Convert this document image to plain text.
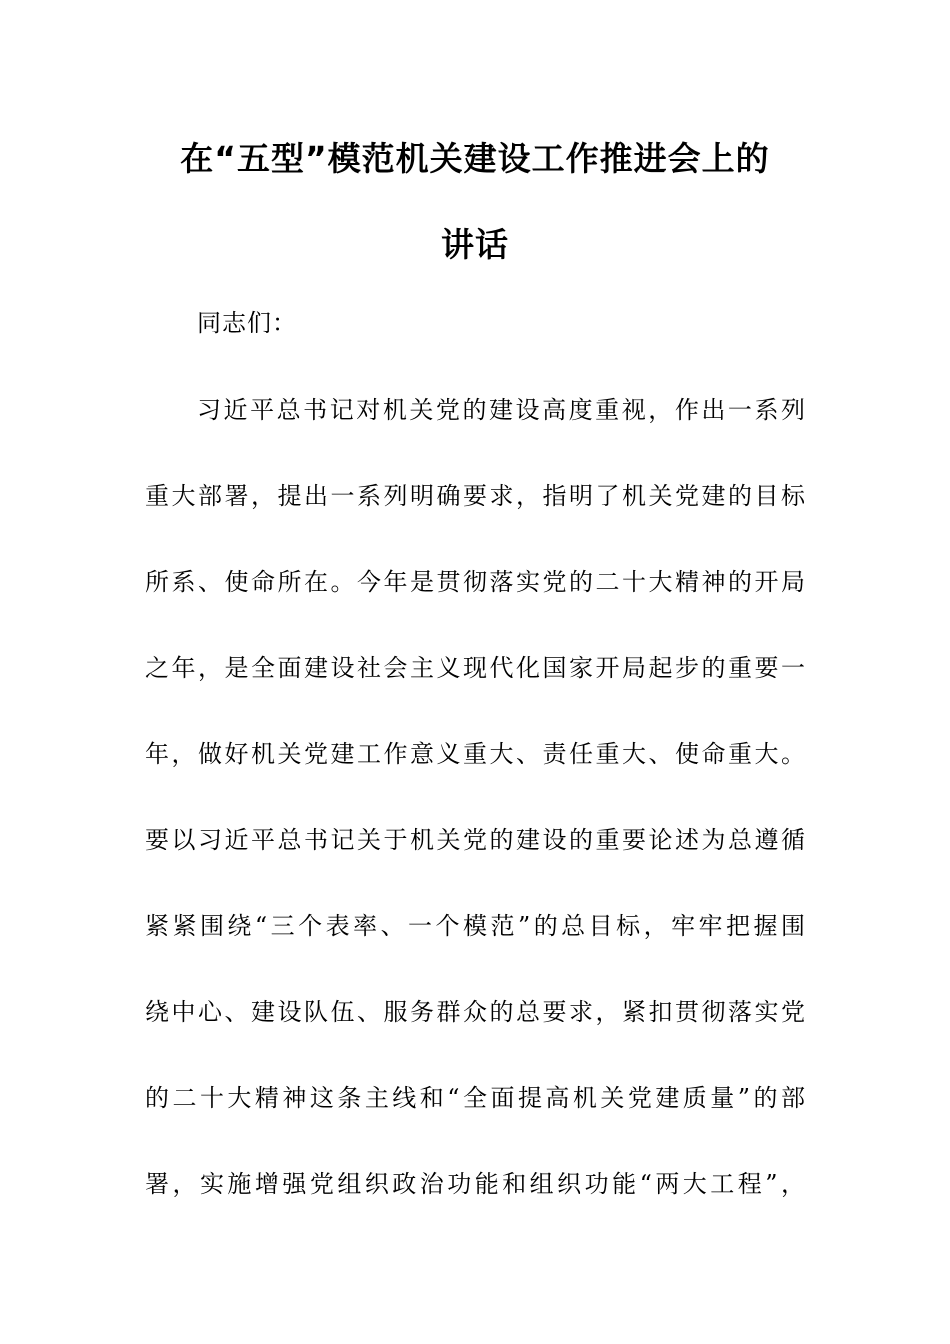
在“五型”模范机关建设工作推进会上的
讲话
同志们：
习近平总书记对机关党的建设高度重视，作出一系列
重大部署，提出一系列明确要求，指明了机关党建的目标
所系、使命所在。今年是贯彻落实党的二十大精神的开局
之年，是全面建设社会主义现代化国家开局起步的重要一
年，做好机关党建工作意义重大、责任重大、使命重大。
要以习近平总书记关于机关党的建设的重要论述为总遵循
紧紧围绕“三个表率、一个模范”的总目标，牢牢把握围
绕中心、建设队伍、服务群众的总要求，紧扣贯彻落实党
的二十大精神这条主线和“全面提高机关党建质量”的部
署，实施增强党组织政治功能和组织功能“两大工程”，
